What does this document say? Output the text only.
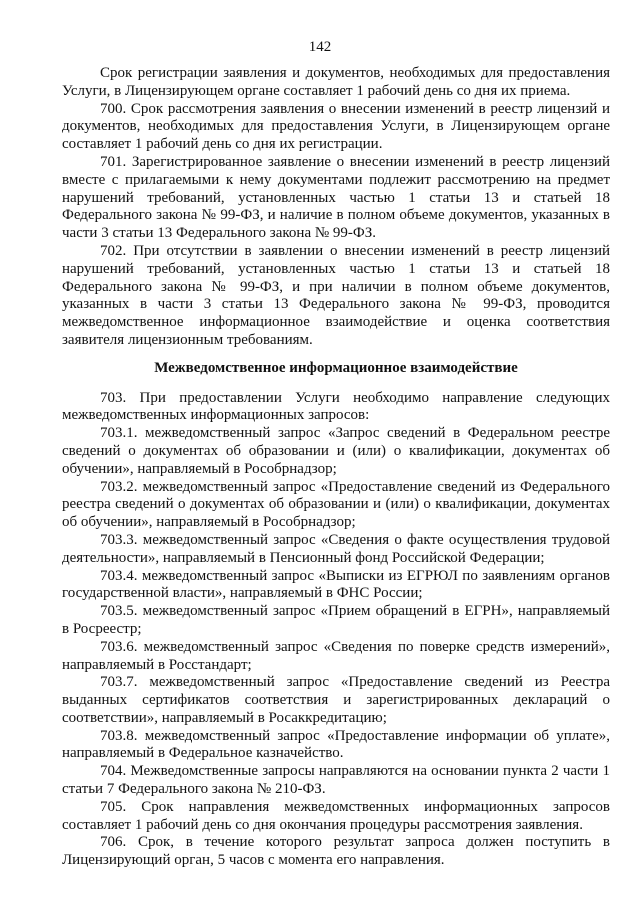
142

Срок регистрации заявления и документов, необходимых для предоставления Услуги, в Лицензирующем органе составляет 1 рабочий день со дня их приема.

700. Срок рассмотрения заявления о внесении изменений в реестр лицензий и документов, необходимых для предоставления Услуги, в Лицензирующем органе составляет 1 рабочий день со дня их регистрации.

701. Зарегистрированное заявление о внесении изменений в реестр лицензий вместе с прилагаемыми к нему документами подлежит рассмотрению на предмет нарушений требований, установленных частью 1 статьи 13 и статьей 18 Федерального закона № 99-ФЗ, и наличие в полном объеме документов, указанных в части 3 статьи 13 Федерального закона № 99-ФЗ.

702. При отсутствии в заявлении о внесении изменений в реестр лицензий нарушений требований, установленных частью 1 статьи 13 и статьей 18 Федерального закона № 99-ФЗ, и при наличии в полном объеме документов, указанных в части 3 статьи 13 Федерального закона № 99-ФЗ, проводится межведомственное информационное взаимодействие и оценка соответствия заявителя лицензионным требованиям.

Межведомственное информационное взаимодействие

703. При предоставлении Услуги необходимо направление следующих межведомственных информационных запросов:

703.1. межведомственный запрос «Запрос сведений в Федеральном реестре сведений о документах об образовании и (или) о квалификации, документах об обучении», направляемый в Рособрнадзор;

703.2. межведомственный запрос «Предоставление сведений из Федерального реестра сведений о документах об образовании и (или) о квалификации, документах об обучении», направляемый в Рособрнадзор;

703.3. межведомственный запрос «Сведения о факте осуществления трудовой деятельности», направляемый в Пенсионный фонд Российской Федерации;

703.4. межведомственный запрос «Выписки из ЕГРЮЛ по заявлениям органов государственной власти», направляемый в ФНС России;

703.5. межведомственный запрос «Прием обращений в ЕГРН», направляемый в Росреестр;

703.6. межведомственный запрос «Сведения по поверке средств измерений», направляемый в Росстандарт;

703.7. межведомственный запрос «Предоставление сведений из Реестра выданных сертификатов соответствия и зарегистрированных деклараций о соответствии», направляемый в Росаккредитацию;

703.8. межведомственный запрос «Предоставление информации об уплате», направляемый в Федеральное казначейство.

704. Межведомственные запросы направляются на основании пункта 2 части 1 статьи 7 Федерального закона № 210-ФЗ.

705. Срок направления межведомственных информационных запросов составляет 1 рабочий день со дня окончания процедуры рассмотрения заявления.

706. Срок, в течение которого результат запроса должен поступить в Лицензирующий орган, 5 часов с момента его направления.
